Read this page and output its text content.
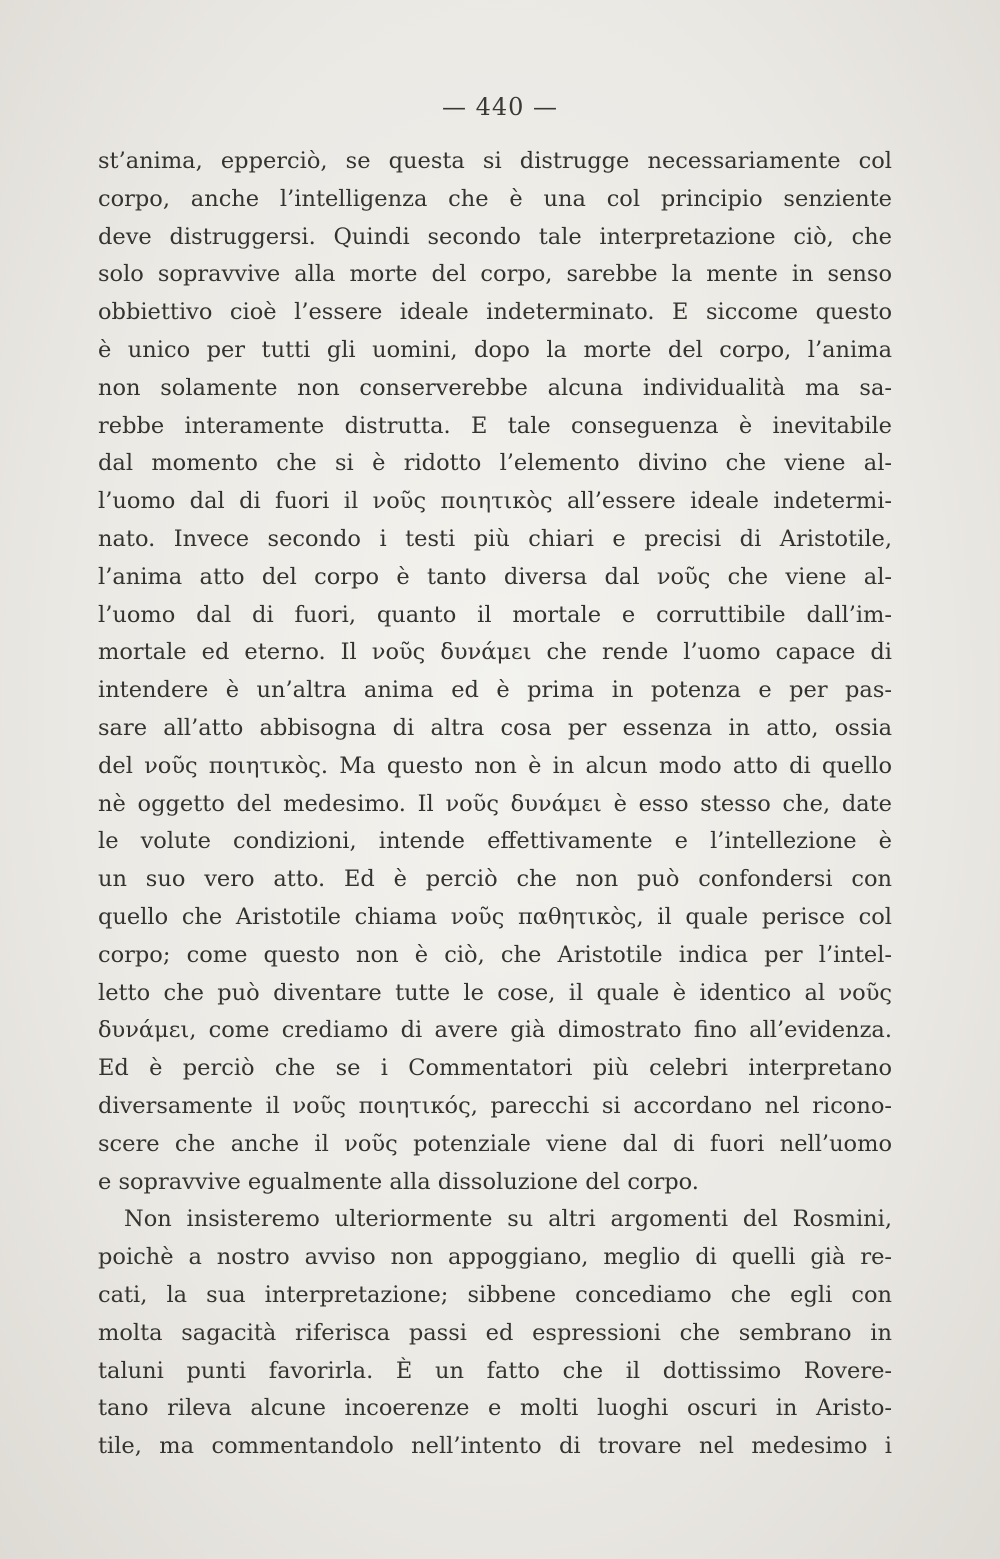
— 440 —
st’anima, epperciò, se questa si distrugge necessariamente col
corpo, anche l’intelligenza che è una col principio senziente
deve distruggersi. Quindi secondo tale interpretazione ciò, che
solo sopravvive alla morte del corpo, sarebbe la mente in senso
obbiettivo cioè l’essere ideale indeterminato. E siccome questo
è unico per tutti gli uomini, dopo la morte del corpo, l’anima
non solamente non conserverebbe alcuna individualità ma sa-
rebbe interamente distrutta. E tale conseguenza è inevitabile
dal momento che si è ridotto l’elemento divino che viene al-
l’uomo dal di fuori il νοῦς ποιητικὸς all’essere ideale indetermi-
nato. Invece secondo i testi più chiari e precisi di Aristotile,
l’anima atto del corpo è tanto diversa dal νοῦς che viene al-
l’uomo dal di fuori, quanto il mortale e corruttibile dall’im-
mortale ed eterno. Il νοῦς δυνάμει che rende l’uomo capace di
intendere è un’altra anima ed è prima in potenza e per pas-
sare all’atto abbisogna di altra cosa per essenza in atto, ossia
del νοῦς ποιητικὸς. Ma questo non è in alcun modo atto di quello
nè oggetto del medesimo. Il νοῦς δυνάμει è esso stesso che, date
le volute condizioni, intende effettivamente e l’intellezione è
un suo vero atto. Ed è perciò che non può confondersi con
quello che Aristotile chiama νοῦς παθητικὸς, il quale perisce col
corpo; come questo non è ciò, che Aristotile indica per l’intel-
letto che può diventare tutte le cose, il quale è identico al νοῦς
δυνάμει, come crediamo di avere già dimostrato fino all’evidenza.
Ed è perciò che se i Commentatori più celebri interpretano
diversamente il νοῦς ποιητικός, parecchi si accordano nel ricono-
scere che anche il νοῦς potenziale viene dal di fuori nell’uomo
e sopravvive egualmente alla dissoluzione del corpo.
Non insisteremo ulteriormente su altri argomenti del Rosmini,
poichè a nostro avviso non appoggiano, meglio di quelli già re-
cati, la sua interpretazione; sibbene concediamo che egli con
molta sagacità riferisca passi ed espressioni che sembrano in
taluni punti favorirla. È un fatto che il dottissimo Rovere-
tano rileva alcune incoerenze e molti luoghi oscuri in Aristo-
tile, ma commentandolo nell’intento di trovare nel medesimo i
